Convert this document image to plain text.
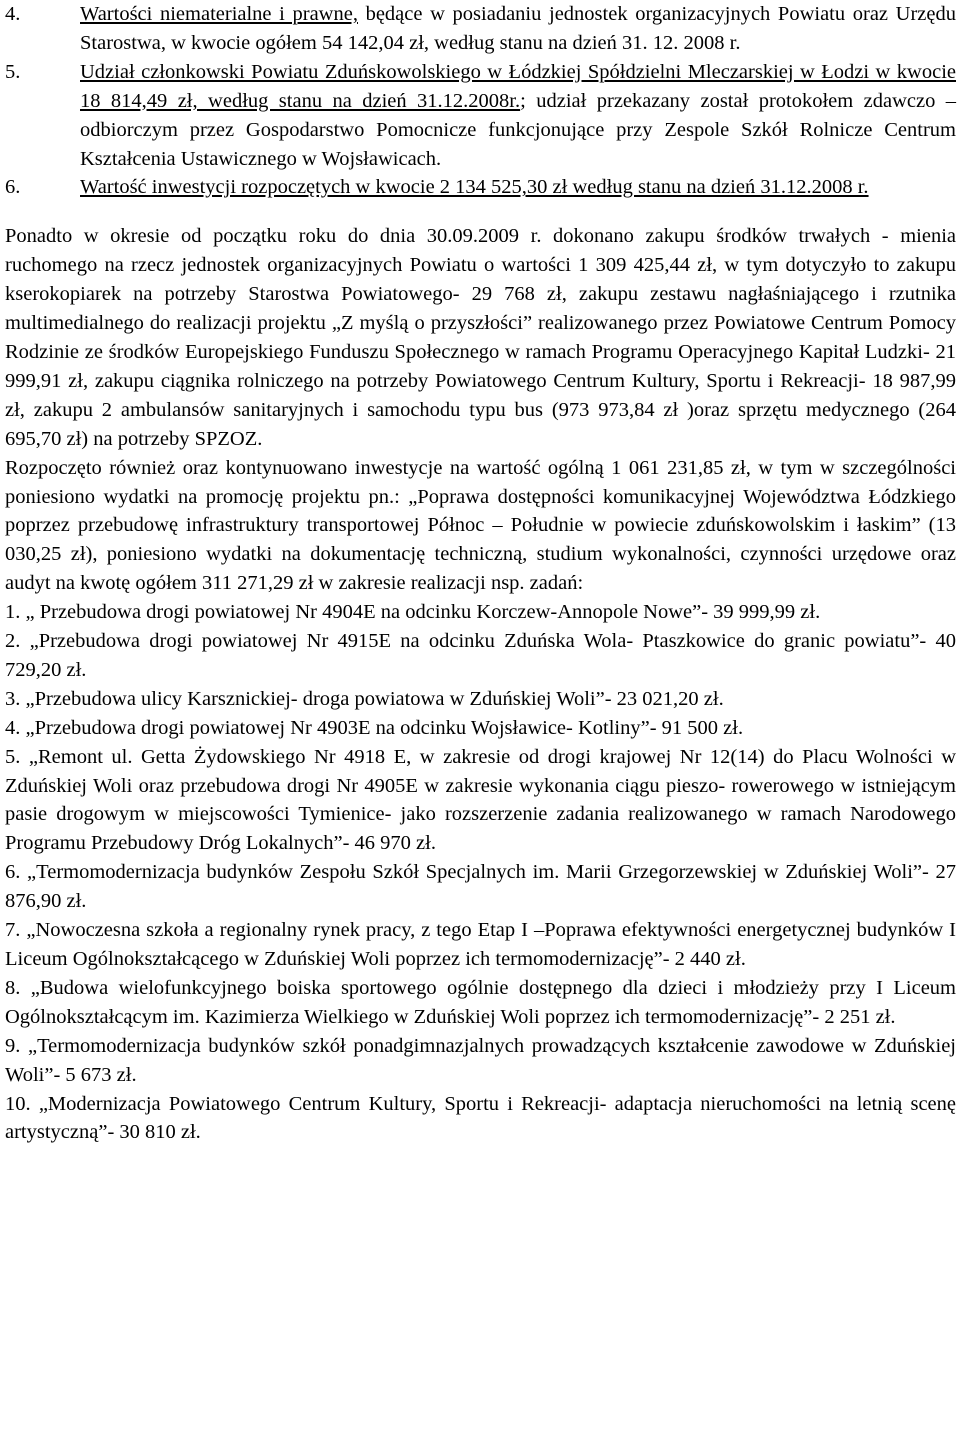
4.	Wartości niematerialne i prawne, będące w posiadaniu jednostek organizacyjnych Powiatu oraz Urzędu Starostwa, w kwocie ogółem 54 142,04 zł, według stanu na dzień 31. 12. 2008 r.
5.	Udział członkowski Powiatu Zduńskowolskiego w Łódzkiej Spółdzielni Mleczarskiej w Łodzi w kwocie 18 814,49 zł, według stanu na dzień 31.12.2008r.; udział przekazany został protokołem zdawczo – odbiorczym przez Gospodarstwo Pomocnicze funkcjonujące przy Zespole Szkół Rolnicze Centrum Kształcenia Ustawicznego w Wojsławicach.
6.	Wartość inwestycji rozpoczętych w kwocie 2 134 525,30 zł według stanu na dzień 31.12.2008 r.

Ponadto w okresie od początku roku do dnia 30.09.2009 r. dokonano zakupu środków trwałych - mienia ruchomego na rzecz jednostek organizacyjnych Powiatu o wartości 1 309 425,44 zł, w tym dotyczyło to zakupu kserokopiarek na potrzeby Starostwa Powiatowego- 29 768 zł, zakupu zestawu nagłaśniającego i rzutnika multimedialnego do realizacji projektu „Z myślą o przyszłości” realizowanego przez Powiatowe Centrum Pomocy Rodzinie ze środków Europejskiego Funduszu Społecznego w ramach Programu Operacyjnego Kapitał Ludzki- 21 999,91 zł, zakupu ciągnika rolniczego na potrzeby Powiatowego Centrum Kultury, Sportu i Rekreacji- 18 987,99 zł, zakupu 2 ambulansów sanitaryjnych i samochodu typu bus (973 973,84 zł )oraz sprzętu medycznego (264 695,70 zł) na potrzeby SPZOZ.

Rozpoczęto również oraz kontynuowano inwestycje na wartość ogólną 1 061 231,85 zł, w tym w szczególności poniesiono wydatki na promocję projektu pn.: „Poprawa dostępności komunikacyjnej Województwa Łódzkiego poprzez przebudowę infrastruktury transportowej Północ – Południe w powiecie zduńskowolskim i łaskim” (13 030,25 zł), poniesiono wydatki na dokumentację techniczną, studium wykonalności, czynności urzędowe oraz audyt na kwotę ogółem 311 271,29 zł w zakresie realizacji nsp. zadań:

1. „ Przebudowa drogi powiatowej Nr 4904E na odcinku Korczew-Annopole Nowe”- 39 999,99 zł.

2. „Przebudowa drogi powiatowej Nr 4915E na odcinku Zduńska Wola- Ptaszkowice do granic powiatu”- 40 729,20 zł.

3. „Przebudowa ulicy Karsznickiej- droga powiatowa w Zduńskiej Woli”- 23 021,20 zł.

4. „Przebudowa drogi powiatowej Nr 4903E na odcinku Wojsławice- Kotliny”- 91 500 zł.

5. „Remont ul. Getta Żydowskiego Nr 4918 E, w zakresie od drogi krajowej Nr 12(14) do Placu Wolności w Zduńskiej Woli oraz przebudowa drogi Nr 4905E w zakresie wykonania ciągu pieszo- rowerowego w istniejącym pasie drogowym w miejscowości Tymienice- jako rozszerzenie zadania realizowanego w ramach Narodowego Programu Przebudowy Dróg Lokalnych”- 46 970 zł.

6. „Termomodernizacja budynków Zespołu Szkół Specjalnych im. Marii Grzegorzewskiej w Zduńskiej Woli”- 27 876,90 zł.

7. „Nowoczesna szkoła a regionalny rynek pracy, z tego Etap I –Poprawa efektywności energetycznej budynków I Liceum Ogólnokształcącego w Zduńskiej Woli poprzez ich termomodernizację”- 2 440 zł.

8. „Budowa wielofunkcyjnego boiska sportowego ogólnie dostępnego dla dzieci i młodzieży przy I Liceum Ogólnokształcącym im. Kazimierza Wielkiego w Zduńskiej Woli poprzez ich termomodernizację”- 2 251 zł.

9. „Termomodernizacja budynków szkół ponadgimnazjalnych prowadzących kształcenie zawodowe w Zduńskiej Woli”- 5 673 zł.

10. „Modernizacja Powiatowego Centrum Kultury, Sportu i Rekreacji- adaptacja nieruchomości na letnią scenę artystyczną”- 30 810 zł.
